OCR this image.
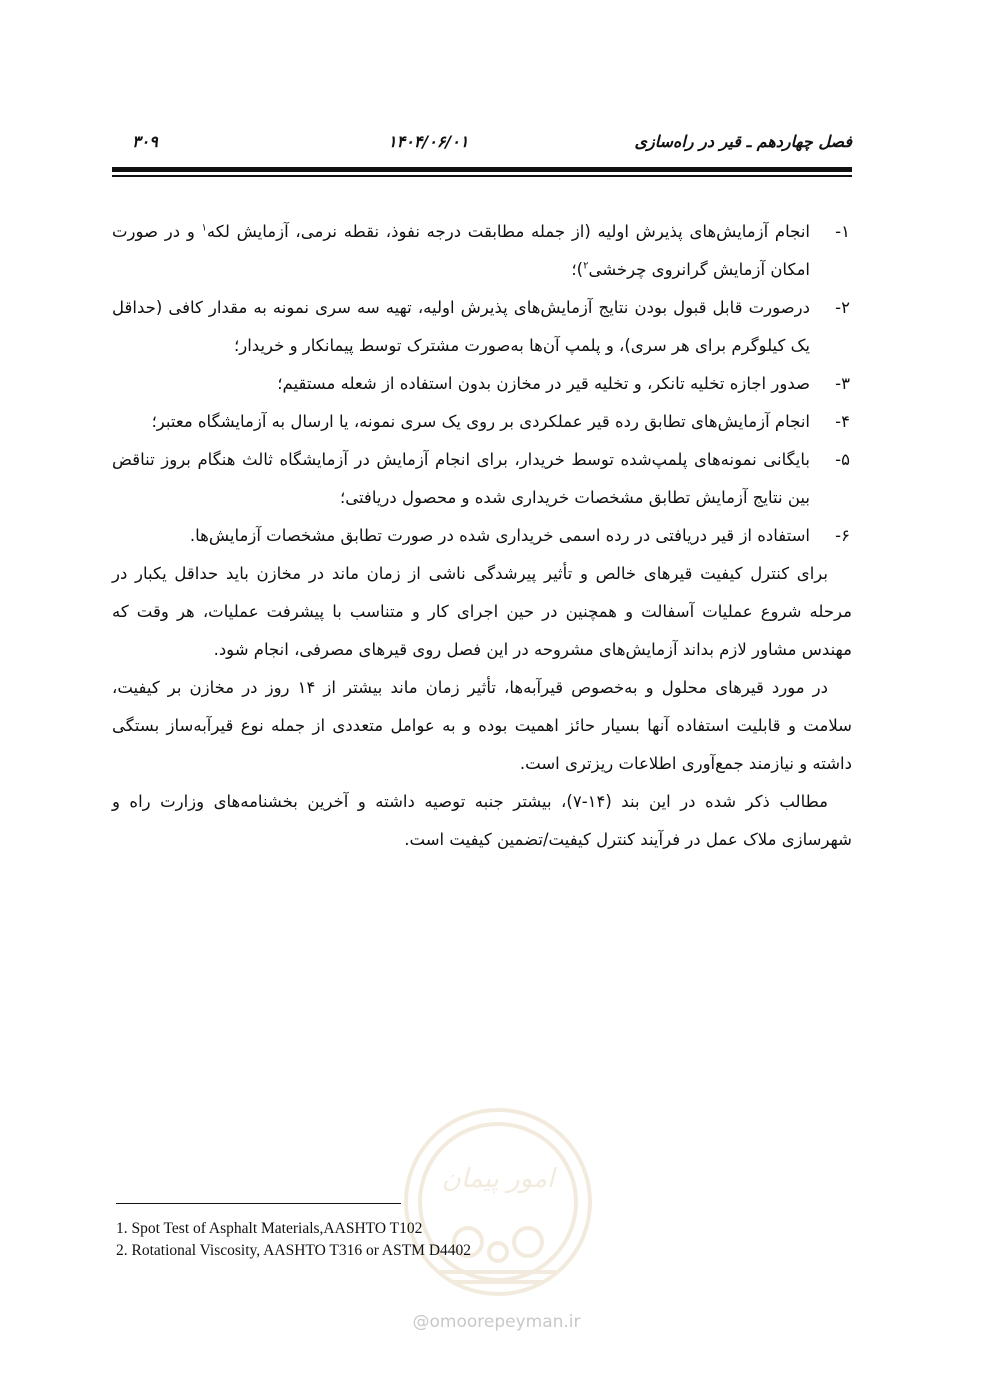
فصل چهاردهم ـ قیر در راه‌سازی
۱۴۰۴/۰۶/۰۱
۳۰۹

۱-
انجام آزمایش‌های پذیرش اولیه (از جمله مطابقت درجه نفوذ، نقطه نرمی، آزمایش لکه$^۱$ و در صورت امکان آزمایش گرانروی چرخشی$^۲$)؛

۲-
درصورت قابل قبول بودن نتایج آزمایش‌های پذیرش اولیه، تهیه سه سری نمونه به مقدار کافی (حداقل یک کیلوگرم برای هر سری)، و پلمپ آن‌ها به‌صورت مشترک توسط پیمانکار و خریدار؛

۳-
صدور اجازه تخلیه تانکر، و تخلیه قیر در مخازن بدون استفاده از شعله مستقیم؛

۴-
انجام آزمایش‌های تطابق رده قیر عملکردی بر روی یک سری نمونه، یا ارسال به آزمایشگاه معتبر؛

۵-
بایگانی نمونه‌های پلمپ‌شده توسط خریدار، برای انجام آزمایش در آزمایشگاه ثالث هنگام بروز تناقض بین نتایج آزمایش تطابق مشخصات خریداری شده و محصول دریافتی؛

۶-
استفاده از قیر دریافتی در رده اسمی خریداری شده در صورت تطابق مشخصات آزمایش‌ها.

برای کنترل کیفیت قیرهای خالص و تأثیر پیرشدگی ناشی از زمان ماند در مخازن باید حداقل یکبار در مرحله شروع عملیات آسفالت و همچنین در حین اجرای کار و متناسب با پیشرفت عملیات، هر وقت که مهندس مشاور لازم بداند آزمایش‌های مشروحه در این فصل روی قیرهای مصرفی، انجام شود.

در مورد قیرهای محلول و به‌خصوص قیرآبه‌ها، تأثیر زمان ماند بیشتر از ۱۴ روز در مخازن بر کیفیت، سلامت و قابلیت استفاده آنها بسیار حائز اهمیت بوده و به عوامل متعددی از جمله نوع قیرآبه‌ساز بستگی داشته و نیازمند جمع‌آوری اطلاعات ریزتری است.

مطالب ذکر شده در این بند (۱۴-۷)، بیشتر جنبه توصیه داشته و آخرین بخشنامه‌های وزارت راه و شهرسازی ملاک عمل در فرآیند کنترل کیفیت/تضمین کیفیت است.

امور پیمان
@omoorepeyman.ir
1. Spot Test of Asphalt Materials,AASHTO T102
2. Rotational Viscosity, AASHTO T316 or ASTM D4402
